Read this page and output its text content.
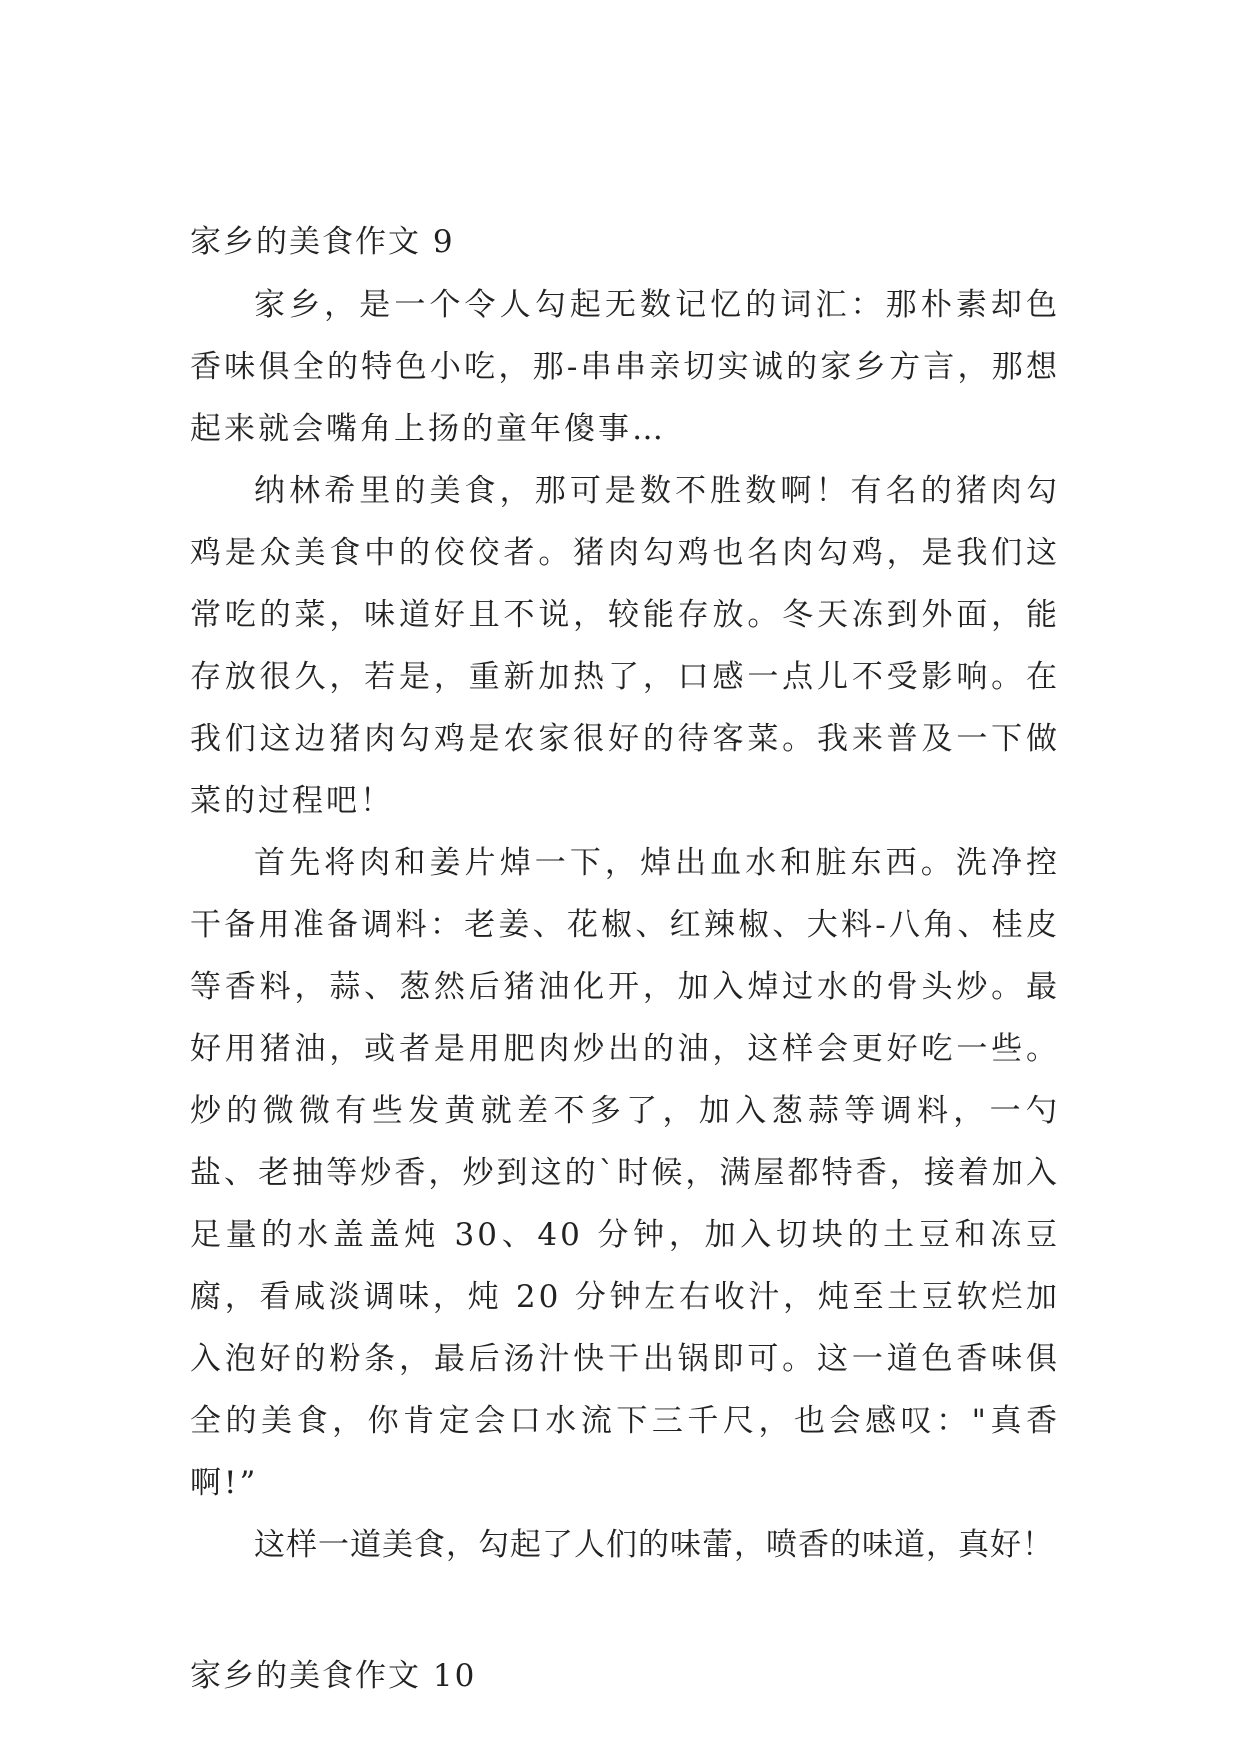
家乡的美食作文 9

家乡，是一个令人勾起无数记忆的词汇：那朴素却色香味俱全的特色小吃，那-串串亲切实诚的家乡方言，那想起来就会嘴角上扬的童年傻事…

纳林希里的美食，那可是数不胜数啊！有名的猪肉勾鸡是众美食中的佼佼者。猪肉勾鸡也名肉勾鸡，是我们这常吃的菜，味道好且不说，较能存放。冬天冻到外面，能存放很久，若是，重新加热了，口感一点儿不受影响。在我们这边猪肉勾鸡是农家很好的待客菜。我来普及一下做菜的过程吧！

首先将肉和姜片焯一下，焯出血水和脏东西。洗净控干备用准备调料：老姜、花椒、红辣椒、大料-八角、桂皮等香料，蒜、葱然后猪油化开，加入焯过水的骨头炒。最好用猪油，或者是用肥肉炒出的油，这样会更好吃一些。炒的微微有些发黄就差不多了，加入葱蒜等调料，一勺盐、老抽等炒香，炒到这的`时候，满屋都特香，接着加入足量的水盖盖炖 30、40 分钟，加入切块的土豆和冻豆腐，看咸淡调味，炖 20 分钟左右收汁，炖至土豆软烂加入泡好的粉条，最后汤汁快干出锅即可。这一道色香味俱全的美食，你肯定会口水流下三千尺，也会感叹："真香啊!”

这样一道美食，勾起了人们的味蕾，喷香的味道，真好！

家乡的美食作文 10
